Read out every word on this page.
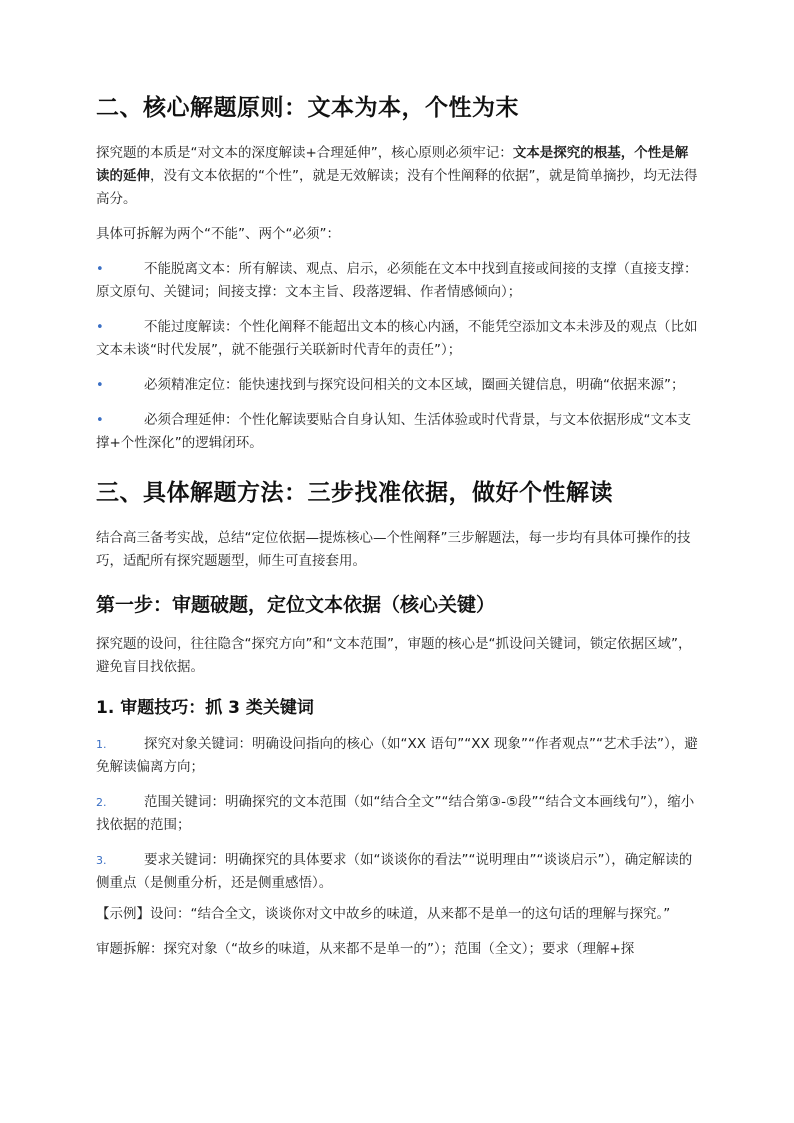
二、核心解题原则：文本为本，个性为末

探究题的本质是“对文本的深度解读+合理延伸”，核心原则必须牢记：文本是探究的根基，个性是解读的延伸，没有文本依据的“个性”，就是无效解读；没有个性阐释的依据”，就是简单摘抄，均无法得高分。

具体可拆解为两个“不能”、两个“必须”：

•	不能脱离文本：所有解读、观点、启示，必须能在文本中找到直接或间接的支撑（直接支撑：原文原句、关键词；间接支撑：文本主旨、段落逻辑、作者情感倾向）；
•	不能过度解读：个性化阐释不能超出文本的核心内涵，不能凭空添加文本未涉及的观点（比如文本未谈“时代发展”，就不能强行关联新时代青年的责任”）；
•	必须精准定位：能快速找到与探究设问相关的文本区域，圈画关键信息，明确“依据来源”；
•	必须合理延伸：个性化解读要贴合自身认知、生活体验或时代背景，与文本依据形成“文本支撑+个性深化”的逻辑闭环。
三、具体解题方法：三步找准依据，做好个性解读

结合高三备考实战，总结“定位依据—提炼核心—个性阐释”三步解题法，每一步均有具体可操作的技巧，适配所有探究题题型，师生可直接套用。

第一步：审题破题，定位文本依据（核心关键）

探究题的设问，往往隐含“探究方向”和“文本范围”，审题的核心是“抓设问关键词，锁定依据区域”，避免盲目找依据。

1. 审题技巧：抓 3 类关键词
1.	探究对象关键词：明确设问指向的核心（如“XX 语句”“XX 现象”“作者观点”“艺术手法”），避免解读偏离方向；
2.	范围关键词：明确探究的文本范围（如“结合全文”“结合第③-⑤段”“结合文本画线句”），缩小找依据的范围；
3.	要求关键词：明确探究的具体要求（如“谈谈你的看法”“说明理由”“谈谈启示”），确定解读的侧重点（是侧重分析，还是侧重感悟）。

【示例】设问：“结合全文，谈谈你对文中故乡的味道，从来都不是单一的这句话的理解与探究。”

审题拆解：探究对象（“故乡的味道，从来都不是单一的”）；范围（全文）；要求（理解+探
